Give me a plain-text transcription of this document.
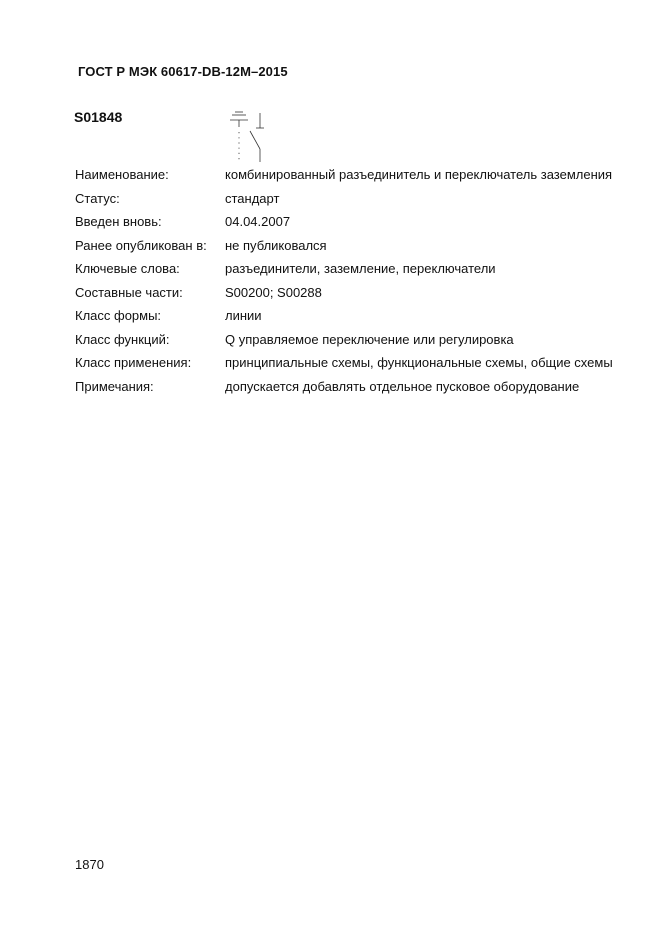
ГОСТ Р МЭК 60617-DB-12M–2015
S01848
Наименование:	комбинированный разъединитель и переключатель заземления
Статус:	стандарт
Введен вновь:	04.04.2007
Ранее опубликован в:	не публиковался
Ключевые слова:	разъединители, заземление, переключатели
Составные части:	S00200; S00288
Класс формы:	линии
Класс функций:	Q управляемое переключение или регулировка
Класс применения:	принципиальные схемы, функциональные схемы, общие схемы
Примечания:	допускается добавлять отдельное пусковое оборудование
1870
